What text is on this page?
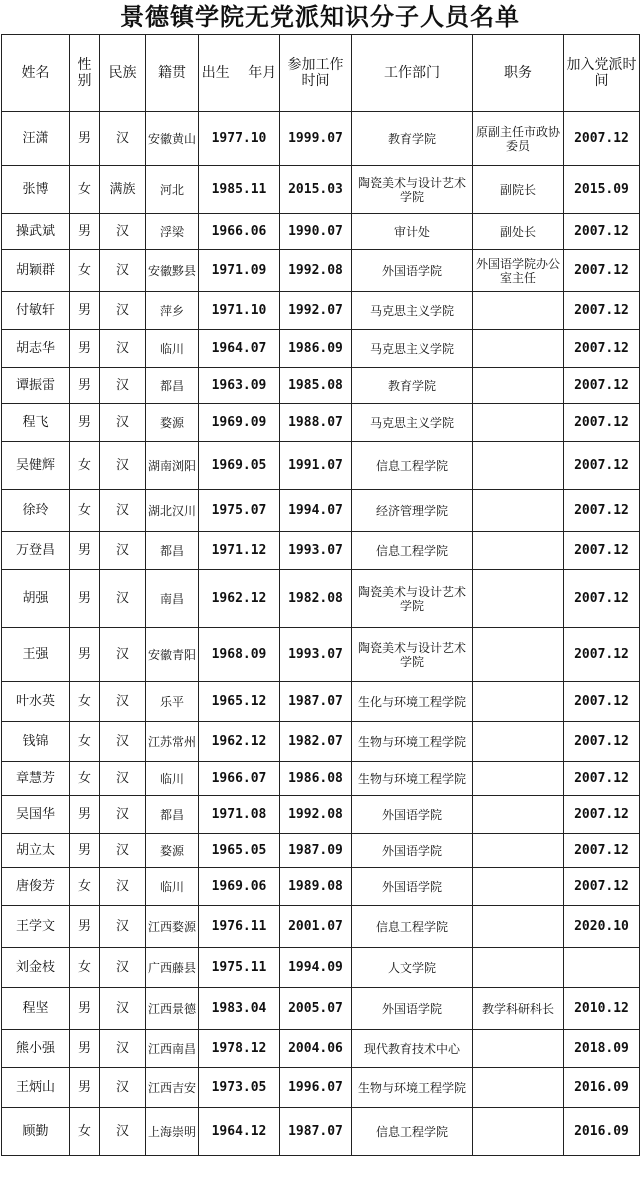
景德镇学院无党派知识分子人员名单
姓名	性别	民族	籍贯	出生　 年月	参加工作时间	工作部门	职务	加入党派时间
汪潇	男	汉	安徽黄山	1977.10	1999.07	教育学院	原副主任市政协委员	2007.12
张博	女	满族	河北	1985.11	2015.03	陶瓷美术与设计艺术学院	副院长	2015.09
操武斌	男	汉	浮梁	1966.06	1990.07	审计处	副处长	2007.12
胡颖群	女	汉	安徽黟县	1971.09	1992.08	外国语学院	外国语学院办公室主任	2007.12
付敏轩	男	汉	萍乡	1971.10	1992.07	马克思主义学院		2007.12
胡志华	男	汉	临川	1964.07	1986.09	马克思主义学院		2007.12
谭振雷	男	汉	都昌	1963.09	1985.08	教育学院		2007.12
程飞	男	汉	婺源	1969.09	1988.07	马克思主义学院		2007.12
吴健辉	女	汉	湖南浏阳	1969.05	1991.07	信息工程学院		2007.12
徐玲	女	汉	湖北汉川	1975.07	1994.07	经济管理学院		2007.12
万登昌	男	汉	都昌	1971.12	1993.07	信息工程学院		2007.12
胡强	男	汉	南昌	1962.12	1982.08	陶瓷美术与设计艺术学院		2007.12
王强	男	汉	安徽青阳	1968.09	1993.07	陶瓷美术与设计艺术学院		2007.12
叶水英	女	汉	乐平	1965.12	1987.07	生化与环境工程学院		2007.12
钱锦	女	汉	江苏常州	1962.12	1982.07	生物与环境工程学院		2007.12
章慧芳	女	汉	临川	1966.07	1986.08	生物与环境工程学院		2007.12
吴国华	男	汉	都昌	1971.08	1992.08	外国语学院		2007.12
胡立太	男	汉	婺源	1965.05	1987.09	外国语学院		2007.12
唐俊芳	女	汉	临川	1969.06	1989.08	外国语学院		2007.12
王学文	男	汉	江西婺源	1976.11	2001.07	信息工程学院		2020.10
刘金枝	女	汉	广西藤县	1975.11	1994.09	人文学院		
程坚	男	汉	江西景德	1983.04	2005.07	外国语学院	教学科研科长	2010.12
熊小强	男	汉	江西南昌	1978.12	2004.06	现代教育技术中心		2018.09
王炳山	男	汉	江西吉安	1973.05	1996.07	生物与环境工程学院		2016.09
顾勤	女	汉	上海崇明	1964.12	1987.07	信息工程学院		2016.09
